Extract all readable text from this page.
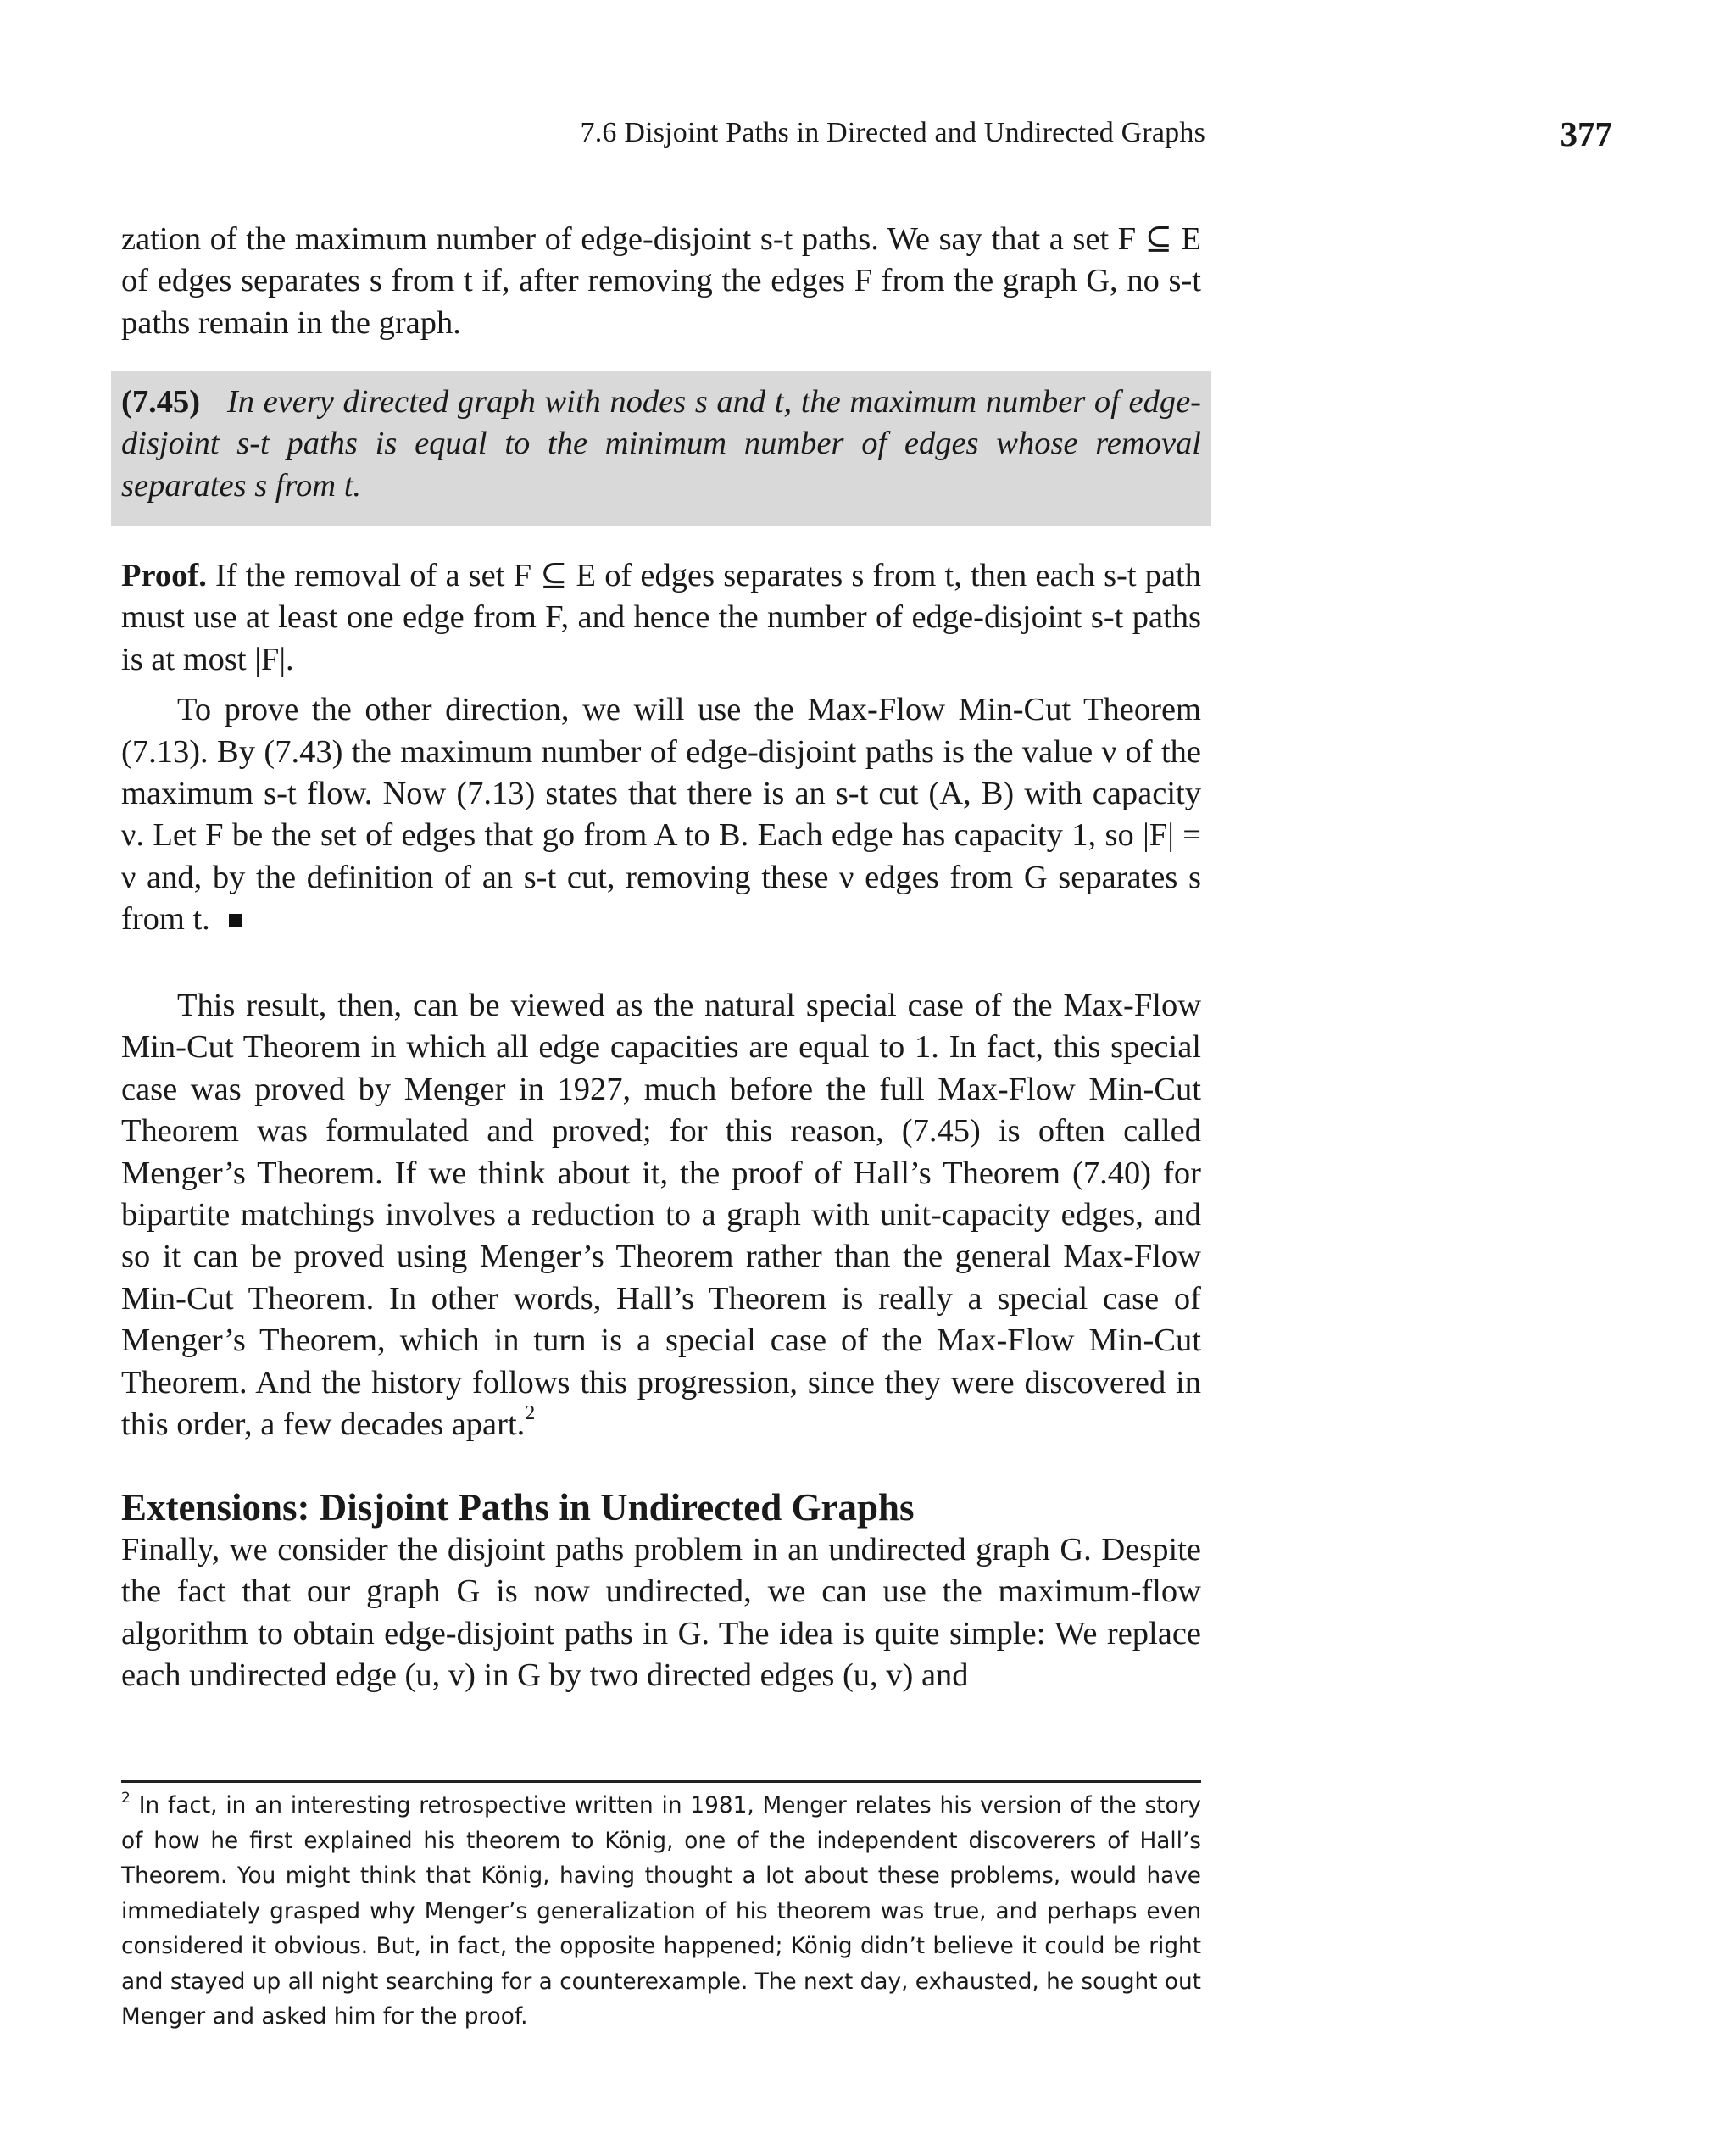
7.6 Disjoint Paths in Directed and Undirected Graphs	377

zation of the maximum number of edge-disjoint s-t paths. We say that a set F ⊆ E of edges separates s from t if, after removing the edges F from the graph G, no s-t paths remain in the graph.

(7.45) In every directed graph with nodes s and t, the maximum number of edge-disjoint s-t paths is equal to the minimum number of edges whose removal separates s from t.

Proof. If the removal of a set F ⊆ E of edges separates s from t, then each s-t path must use at least one edge from F, and hence the number of edge-disjoint s-t paths is at most |F|.

To prove the other direction, we will use the Max-Flow Min-Cut Theorem (7.13). By (7.43) the maximum number of edge-disjoint paths is the value ν of the maximum s-t flow. Now (7.13) states that there is an s-t cut (A, B) with capacity ν. Let F be the set of edges that go from A to B. Each edge has capacity 1, so |F| = ν and, by the definition of an s-t cut, removing these ν edges from G separates s from t.

This result, then, can be viewed as the natural special case of the Max-Flow Min-Cut Theorem in which all edge capacities are equal to 1. In fact, this special case was proved by Menger in 1927, much before the full Max-Flow Min-Cut Theorem was formulated and proved; for this reason, (7.45) is often called Menger’s Theorem. If we think about it, the proof of Hall’s Theorem (7.40) for bipartite matchings involves a reduction to a graph with unit-capacity edges, and so it can be proved using Menger’s Theorem rather than the general Max-Flow Min-Cut Theorem. In other words, Hall’s Theorem is really a special case of Menger’s Theorem, which in turn is a special case of the Max-Flow Min-Cut Theorem. And the history follows this progression, since they were discovered in this order, a few decades apart.$^2$

Extensions: Disjoint Paths in Undirected Graphs

Finally, we consider the disjoint paths problem in an undirected graph G. Despite the fact that our graph G is now undirected, we can use the maximum-flow algorithm to obtain edge-disjoint paths in G. The idea is quite simple: We replace each undirected edge (u, v) in G by two directed edges (u, v) and

$^2$ In fact, in an interesting retrospective written in 1981, Menger relates his version of the story of how he first explained his theorem to König, one of the independent discoverers of Hall’s Theorem. You might think that König, having thought a lot about these problems, would have immediately grasped why Menger’s generalization of his theorem was true, and perhaps even considered it obvious. But, in fact, the opposite happened; König didn’t believe it could be right and stayed up all night searching for a counterexample. The next day, exhausted, he sought out Menger and asked him for the proof.
